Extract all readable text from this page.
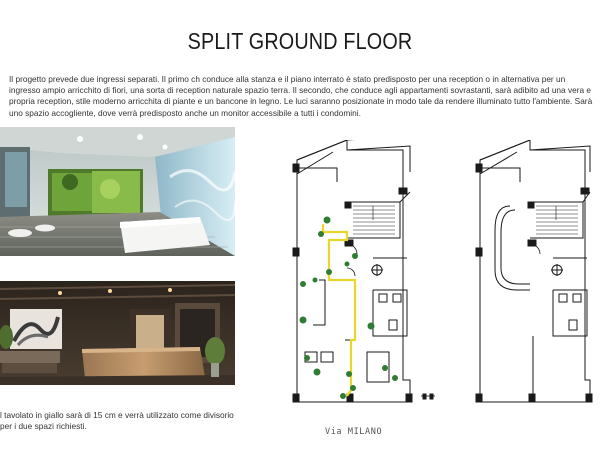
SPLIT GROUND FLOOR

Il progetto prevede due ingressi separati. Il primo ch conduce alla stanza e il piano interrato è stato predisposto per una reception o in alternativa per un ingresso ampio arricchito di fiori, una sorta di reception naturale spazio terra. Il secondo, che conduce agli appartamenti sovrastanti, sarà adibito ad una vera e propria reception, stile moderno arricchita di piante e un bancone in legno. Le luci saranno posizionate in modo tale da rendere illuminato tutto l'ambiente. Sarà uno spazio accogliente, dove verrà predisposto anche un monitor accessibile a tutti i condomini.

l tavolato in giallo sarà di 15 cm e verrà utilizzato come divisorio per i due spazi richiesti.

Via MILANO
